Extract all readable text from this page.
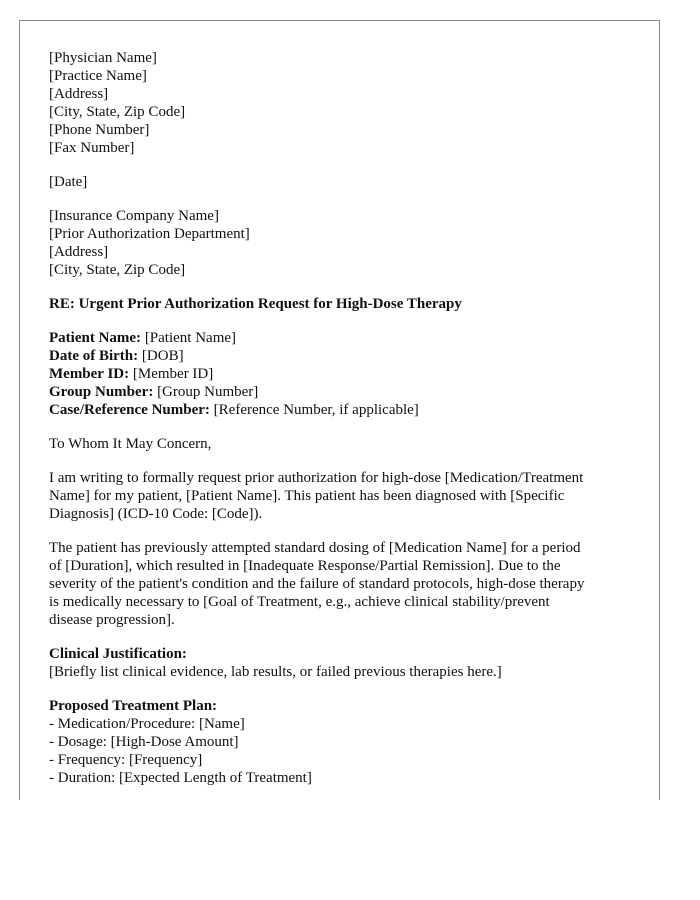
[Physician Name]
[Practice Name]
[Address]
[City, State, Zip Code]
[Phone Number]
[Fax Number]
[Date]
[Insurance Company Name]
[Prior Authorization Department]
[Address]
[City, State, Zip Code]
RE: Urgent Prior Authorization Request for High-Dose Therapy
Patient Name: [Patient Name]
Date of Birth: [DOB]
Member ID: [Member ID]
Group Number: [Group Number]
Case/Reference Number: [Reference Number, if applicable]
To Whom It May Concern,
I am writing to formally request prior authorization for high-dose [Medication/Treatment
Name] for my patient, [Patient Name]. This patient has been diagnosed with [Specific
Diagnosis] (ICD-10 Code: [Code]).
The patient has previously attempted standard dosing of [Medication Name] for a period
of [Duration], which resulted in [Inadequate Response/Partial Remission]. Due to the
severity of the patient's condition and the failure of standard protocols, high-dose therapy
is medically necessary to [Goal of Treatment, e.g., achieve clinical stability/prevent
disease progression].
Clinical Justification:
[Briefly list clinical evidence, lab results, or failed previous therapies here.]
Proposed Treatment Plan:
- Medication/Procedure: [Name]
- Dosage: [High-Dose Amount]
- Frequency: [Frequency]
- Duration: [Expected Length of Treatment]
